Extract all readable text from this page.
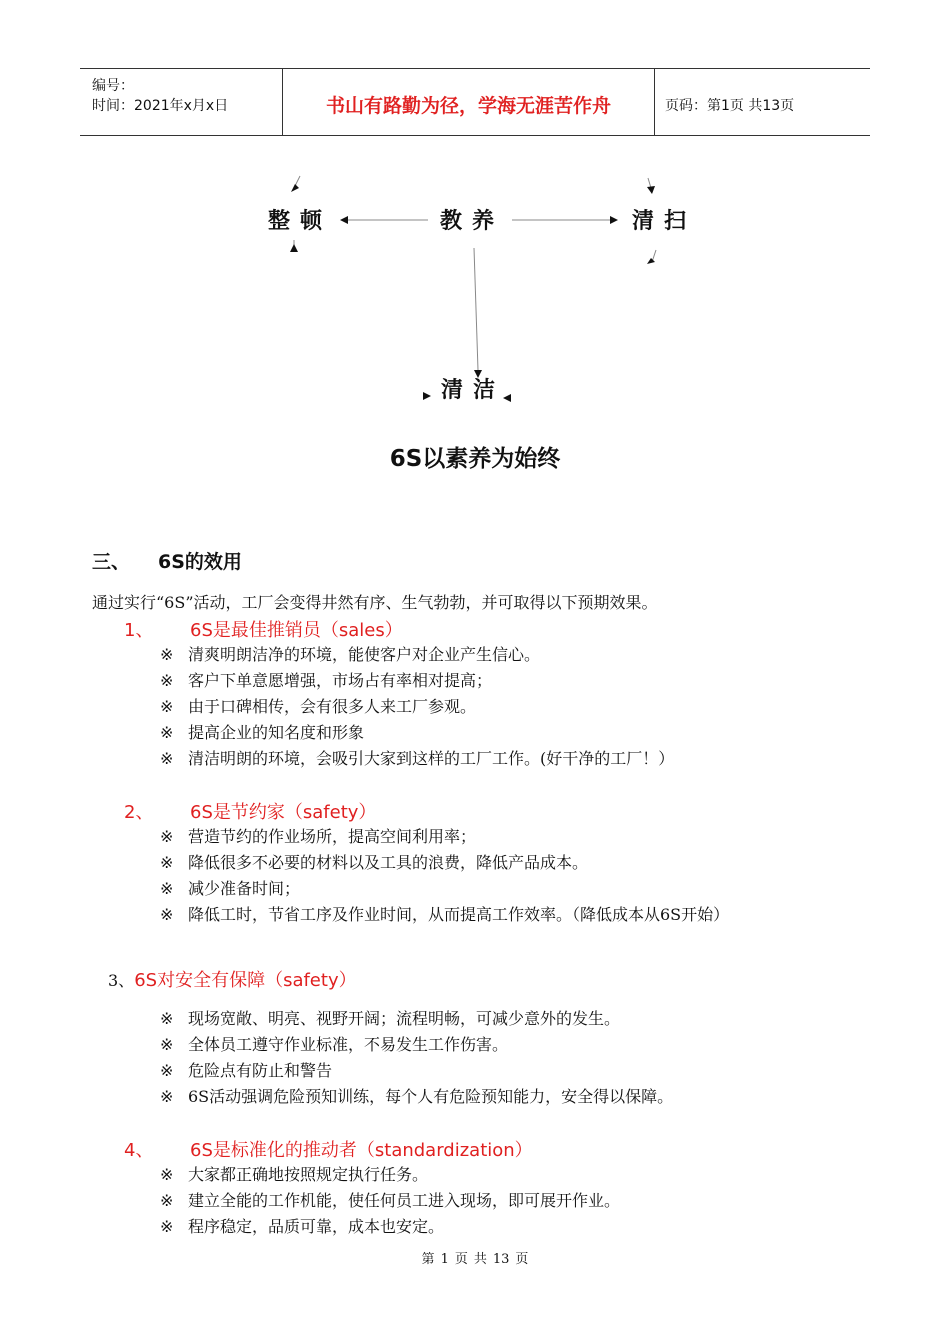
编号：
时间：2021年x月x日	书山有路勤为径，学海无涯苦作舟	页码：第1页 共13页
整顿	教养	清扫
清洁
6S以素养为始终
三、 6S的效用
通过实行“6S”活动，工厂会变得井然有序、生气勃勃，并可取得以下预期效果。
1、 6S是最佳推销员（sales）
※ 清爽明朗洁净的环境，能使客户对企业产生信心。
※ 客户下单意愿增强，市场占有率相对提高；
※ 由于口碑相传，会有很多人来工厂参观。
※ 提高企业的知名度和形象
※ 清洁明朗的环境，会吸引大家到这样的工厂工作。(好干净的工厂！）
2、 6S是节约家（safety）
※ 营造节约的作业场所，提高空间利用率；
※ 降低很多不必要的材料以及工具的浪费，降低产品成本。
※ 减少准备时间；
※ 降低工时，节省工序及作业时间，从而提高工作效率。（降低成本从6S开始）
3、6S对安全有保障（safety）
※ 现场宽敞、明亮、视野开阔；流程明畅，可减少意外的发生。
※ 全体员工遵守作业标准，不易发生工作伤害。
※ 危险点有防止和警告
※ 6S活动强调危险预知训练，每个人有危险预知能力，安全得以保障。
4、 6S是标准化的推动者（standardization）
※ 大家都正确地按照规定执行任务。
※ 建立全能的工作机能，使任何员工进入现场，即可展开作业。
※ 程序稳定，品质可靠，成本也安定。
第 1 页 共 13 页
